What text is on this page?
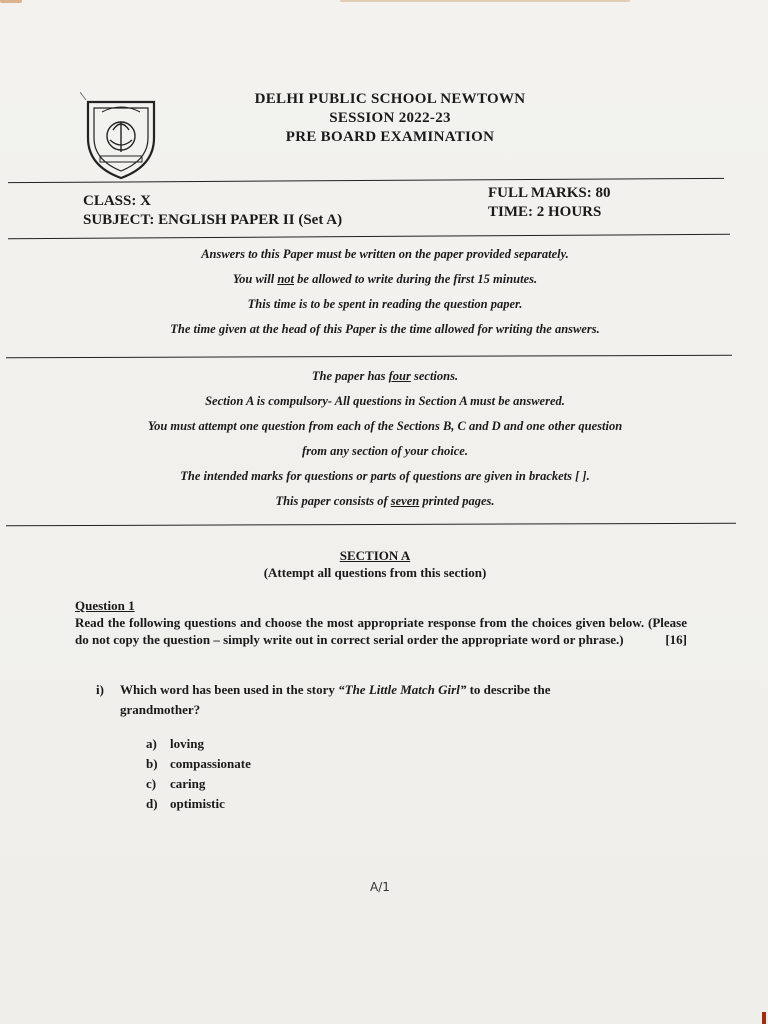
DELHI PUBLIC SCHOOL NEWTOWN
SESSION 2022-23
PRE BOARD EXAMINATION
CLASS: X
SUBJECT: ENGLISH PAPER II (Set A)
FULL MARKS: 80
TIME: 2 HOURS
Answers to this Paper must be written on the paper provided separately.
You will not be allowed to write during the first 15 minutes.
This time is to be spent in reading the question paper.
The time given at the head of this Paper is the time allowed for writing the answers.
The paper has four sections.
Section A is compulsory- All questions in Section A must be answered.
You must attempt one question from each of the Sections B, C and D and one other question
from any section of your choice.
The intended marks for questions or parts of questions are given in brackets [ ].
This paper consists of seven printed pages.
SECTION A
(Attempt all questions from this section)
Question 1
Read the following questions and choose the most appropriate response from the choices given below. (Please do not copy the question – simply write out in correct serial order the appropriate word or phrase.)	[16]
i) Which word has been used in the story “The Little Match Girl” to describe the
grandmother?
a) loving
b) compassionate
c) caring
d) optimistic
A/1
